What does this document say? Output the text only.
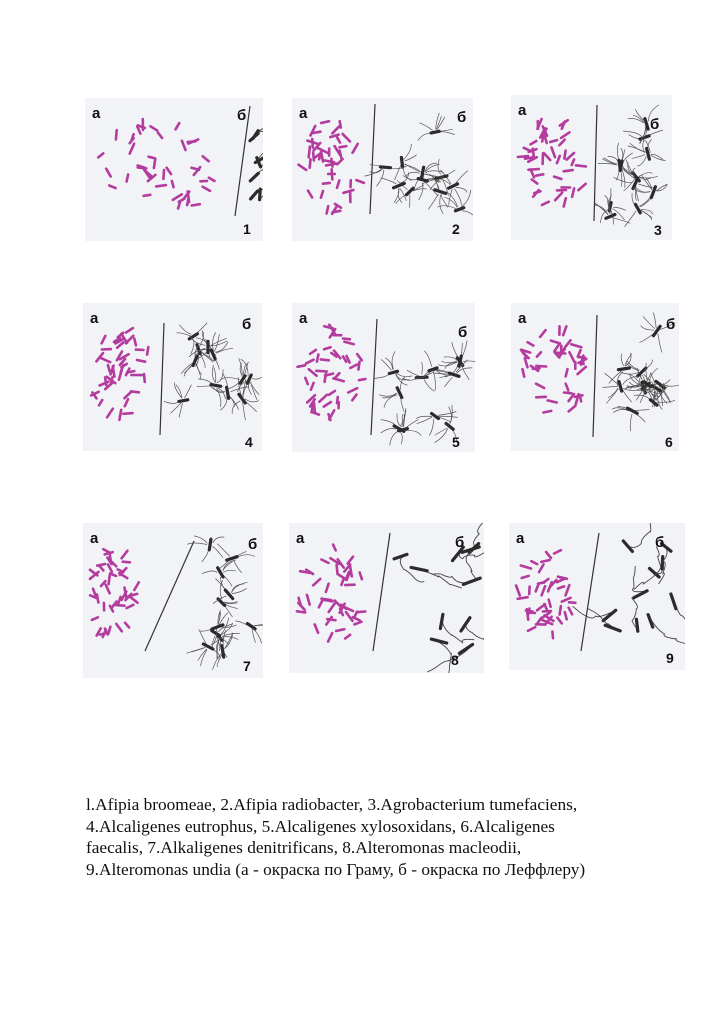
а	б
1
а	б
2
а
б
3
а	б
4
а
б
5
а	б
6
а	б
7
а	б
8
а	б
9
l.Afipia broomeae, 2.Afipia radiobacter, 3.Agrobacterium tumefaciens,
4.Alcaligenes eutrophus, 5.Alcaligenes xylosoxidans, 6.Alcaligenes
faecalis, 7.Alkaligenes denitrificans, 8.Alteromonas macleodii,
9.Alteromonas undia (а - окраска по Граму, б - окраска по Леффлеру)
